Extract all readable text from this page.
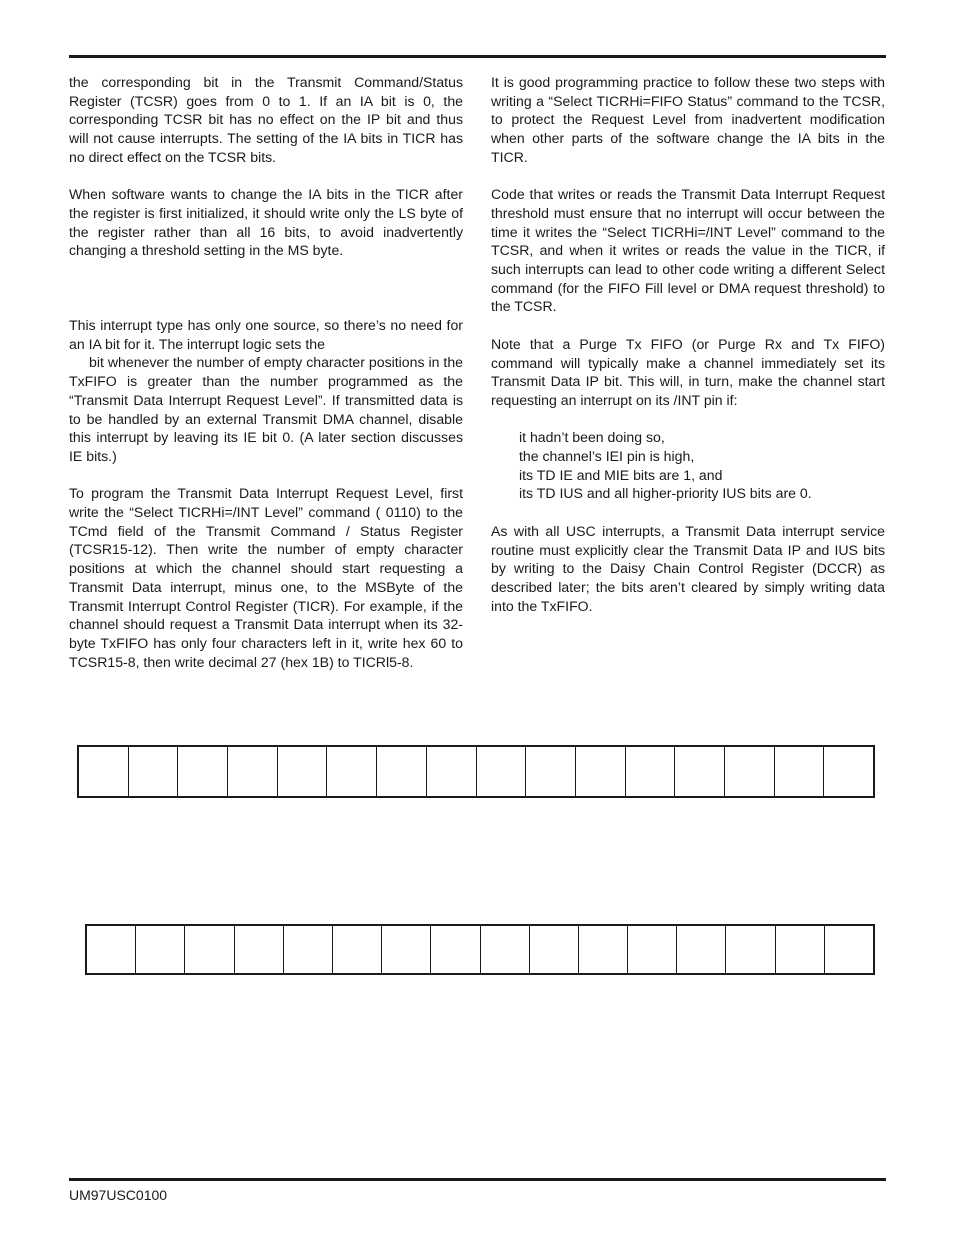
the corresponding bit in the Transmit Command/Status Register (TCSR) goes from 0 to 1. If an IA bit is 0, the corresponding TCSR bit has no effect on the IP bit and thus will not cause interrupts. The setting of the IA bits in TICR has no direct effect on the TCSR bits.

When software wants to change the IA bits in the TICR after the register is first initialized, it should write only the LS byte of the register rather than all 16 bits, to avoid inadvertently changing a threshold setting in the MS byte.

This interrupt type has only one source, so there’s no need for an IA bit for it. The interrupt logic sets the

bit whenever the number of empty character positions in the TxFIFO is greater than the number programmed as the “Transmit Data Interrupt Request Level”. If transmitted data is to be handled by an external Transmit DMA channel, disable this interrupt by leaving its IE bit 0. (A later section discusses IE bits.)

To program the Transmit Data Interrupt Request Level, first write the “Select TICRHi=/INT Level” command ( 0110) to the TCmd field of the Transmit Command / Status Register (TCSR15-12). Then write the number of empty character positions at which the channel should start requesting a Transmit Data interrupt, minus one, to the MSByte of the Transmit Interrupt Control Register (TICR). For example, if the channel should request a Transmit Data interrupt when its 32-byte TxFIFO has only four characters left in it, write hex 60 to TCSR15-8, then write decimal 27 (hex 1B) to TICRl5-8.

It is good programming practice to follow these two steps with writing a “Select TICRHi=FIFO Status” command to the TCSR, to protect the Request Level from inadvertent modification when other parts of the software change the IA bits in the TICR.

Code that writes or reads the Transmit Data Interrupt Request threshold must ensure that no interrupt will occur between the time it writes the “Select TICRHi=/INT Level” command to the TCSR, and when it writes or reads the value in the TICR, if such interrupts can lead to other code writing a different Select command (for the FIFO Fill level or DMA request threshold) to the TCSR.

Note that a Purge Tx FIFO (or Purge Rx and Tx FIFO) command will typically make a channel immediately set its Transmit Data IP bit. This will, in turn, make the channel start requesting an interrupt on its /INT pin if:

it hadn’t been doing so,
the channel’s IEI pin is high,
its TD IE and MIE bits are 1, and
its TD IUS and all higher-priority IUS bits are 0.

As with all USC interrupts, a Transmit Data interrupt service routine must explicitly clear the Transmit Data IP and IUS bits by writing to the Daisy Chain Control Register (DCCR) as described later; the bits aren’t cleared by simply writing data into the TxFIFO.

UM97USC0100
